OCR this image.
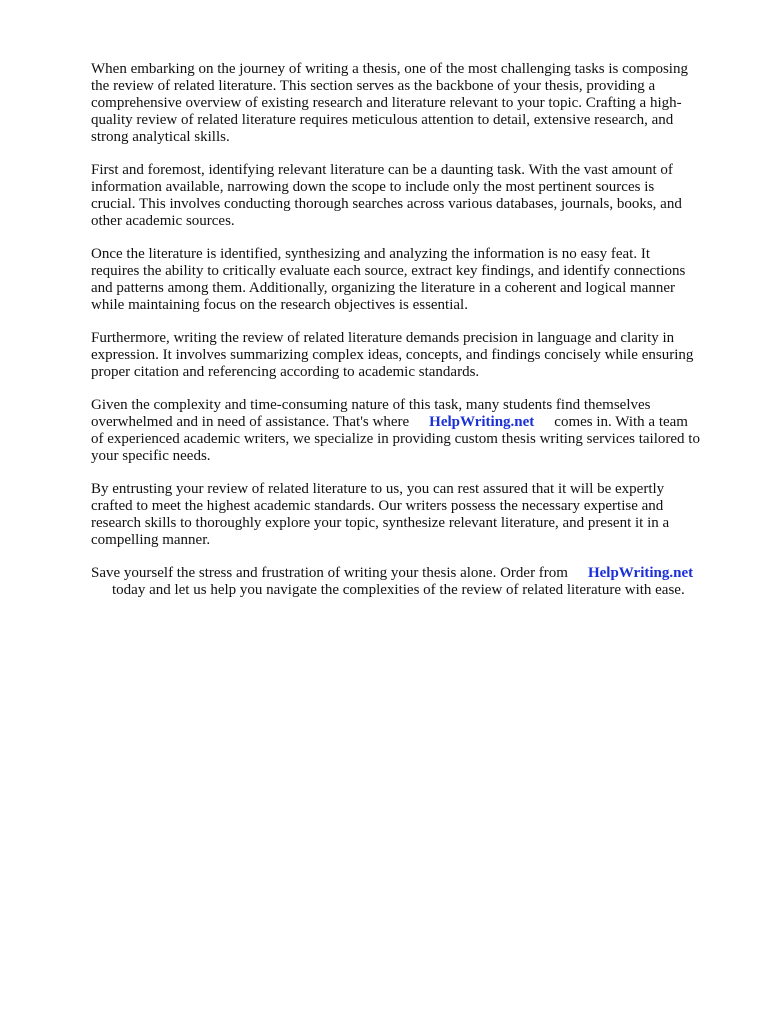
When embarking on the journey of writing a thesis, one of the most challenging tasks is composing
the review of related literature. This section serves as the backbone of your thesis, providing a
comprehensive overview of existing research and literature relevant to your topic. Crafting a high-
quality review of related literature requires meticulous attention to detail, extensive research, and
strong analytical skills.

First and foremost, identifying relevant literature can be a daunting task. With the vast amount of
information available, narrowing down the scope to include only the most pertinent sources is
crucial. This involves conducting thorough searches across various databases, journals, books, and
other academic sources.

Once the literature is identified, synthesizing and analyzing the information is no easy feat. It
requires the ability to critically evaluate each source, extract key findings, and identify connections
and patterns among them. Additionally, organizing the literature in a coherent and logical manner
while maintaining focus on the research objectives is essential.

Furthermore, writing the review of related literature demands precision in language and clarity in
expression. It involves summarizing complex ideas, concepts, and findings concisely while ensuring
proper citation and referencing according to academic standards.

Given the complexity and time-consuming nature of this task, many students find themselves
overwhelmed and in need of assistance. That's where HelpWriting.net comes in. With a team
of experienced academic writers, we specialize in providing custom thesis writing services tailored to
your specific needs.

By entrusting your review of related literature to us, you can rest assured that it will be expertly
crafted to meet the highest academic standards. Our writers possess the necessary expertise and
research skills to thoroughly explore your topic, synthesize relevant literature, and present it in a
compelling manner.

Save yourself the stress and frustration of writing your thesis alone. Order from HelpWriting.net
today and let us help you navigate the complexities of the review of related literature with ease.
